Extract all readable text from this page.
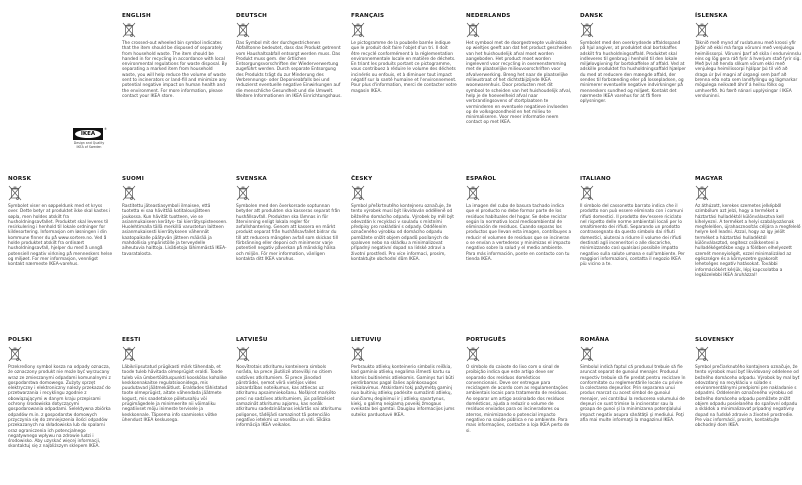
IKEA
®
Design and Quality
IKEA of Sweden
ENGLISH

The crossed-out wheeled bin symbol indicates that the item should be disposed of separately from household waste. The item should be handed in for recycling in accordance with local environmental regulations for waste disposal. By separating a marked item from household waste, you will help reduce the volume of waste sent to incinerators or land-fill and minimize any potential negative impact on human health and the environment. For more information, please contact your IKEA store.

DEUTSCH

Das Symbol mit der durchgestrichenen Abfalltonne bedeutet, dass das Produkt getrennt vom Haushaltsabfall entsorgt werden muss. Das Produkt muss gem. der örtlichen Entsorgungsvorschriften der Wiederverwertung zugeführt werden. Durch separate Entsorgung des Produkts trägt du zur Minderung des Verbrennungs- oder Deponieabfalls bei und reduzierst eventuelle negative Einwirkungen auf die menschliche Gesundheit und die Umwelt. Weitere Informationen im IKEA Einrichtungshaus.

FRANÇAIS

Le pictogramme de la poubelle barrée indique que le produit doit faire l'objet d'un tri. Il doit être recyclé conformément à la réglementation environnementale locale en matière de déchets. En triant les produits portant ce pictogramme, vous contribuez à réduire le volume des déchets incinérés ou enfouis, et à diminuer tout impact négatif sur la santé humaine et l'environnement. Pour plus d'information, merci de contacter votre magasin IKEA.

NEDERLANDS

Het symbool met de doorgestreepte vuilnisbak op wieltjes geeft aan dat het product gescheiden van het huishoudelijk afval moet worden aangeboden. Het product moet worden ingeleverd voor recycling in overeenstemming met de plaatselijke milieuvoorschriften voor afvalverwerking. Breng het naar de plaatselijke milieustraat of het dichtstbijzijnde IKEA woonwarenhuis. Door producten met dit symbool te scheiden van het huishoudelijk afval, help je de hoeveelheid afval naar verbrandingsovens of stortplaatsen te verminderen en eventuele negatieve invloeden op de volksgezondheid en het milieu te minimaliseren. Voor meer informatie neem contact op met IKEA.

DANSK

Symbolet med den overkrydsede affaldsspand på hjul angiver, at produktet skal bortskaffes adskilt fra husholdningsaffald. Produktet skal indleveres til genbrug i henhold til den lokale miljølovgivning for bortskaffelse af affald. Ved at adskille produktet fra husholdningsaffald hjælper du med at reducere den mængde affald, der sendes til forbrænding eller på lossepladsen, og minimerer eventuelle negative indvirkninger på menneskers sundhed og miljøet. Kontakt det nærmeste IKEA varehus for at få flere oplysninger.

ÍSLENSKA

Táknið með mynd af ruslatunnu með krossi yfir þýðir að ekki má farga vörunni með venjulegu heimilissorpi. Vörunni þarf að skila í endurvinnslu eins og lög gera ráð fyrir á hverjum stað fyrir sig. Með því að henda slíkum vörum ekki með venjulegu heimilissorpi hjálpar þú til við að draga úr því magni af úrgangi sem þarf að brenna eða nota sem landfyllingu og lágmarkar mögulega neikvæð áhrif á heilsu fólks og umhverfið. Þú færð nánari upplýsingar í IKEA versluninni.

NORSK

Symbolet viser en søppeldunk med et kryss over. Dette betyr at produktet ikke skal kastes i søpla, men holdes atskilt fra husholdningsavfallet. Produktet skal leveres til resirkulering i henhold til lokale ordninger for kildesortering. Informasjon om løsningen i din kommune finner du på www.sortere.no. Ved å holde produktet atskilt fra ordinært husholdningsavfall, hjelper du med å unngå potensiell negativ virkning på menneskers helse og miljøet. For mer informasjon, vennligst kontakt nærmeste IKEA-varehus.

SUOMI

Rastitettu jäteastiasymboli ilmaisee, että tuotetta ei saa hävittää kotitalousjätteen joukossa. Kun hävität tuotteen, vie se asianmukaiseen kerätys- tai kierrätyspisteeseen. Huolehtimalla tällä merkillä varustetun laitteen asianmukaisesti kierrätykseen vähennät kaatopaikalle päätyvän jätteen määrää ja mahdollisia ympäristölle ja terveydelle aiheutuvia haittoja. Lisätietoja lähimmästä IKEA-tavaratalosta.

SVENSKA

Symbolen med den överkorsade soptunnan betyder att produkten ska kasseras separat från hushållsavfall. Produkten ska lämnas in för återvinning enligt lokala regler för avfallshantering. Genom att kassera en märkt produkt separat från hushållsavfallet bidrar du till att reducera mängden avfall som skickas till förbränning eller deponi och minimerar varje potentiell negativ påverkan på mänsklig hälsa och miljön. För mer information, vänligen kontakta ditt IKEA varuhus.

ČESKY

Symbol přeškrtnutého kontejneru označuje, že tento výrobek musí být likvidován odděleně od běžného domácího odpadu. Výrobek by měl být odevzdán k recyklaci v souladu s místními předpisy pro nakládání s odpady. Oddělením označeného výrobku od domácího odpadu pomůžete snížit objem odpadů posílaných do spaloven nebo na skládku a minimalizovat případný negativní dopad na lidské zdraví a životní prostředí. Pro více informací, prosím, kontaktujte obchodní dům IKEA.

ESPAÑOL

La imagen del cubo de basura tachado indica que el producto no debe formar parte de los residuos habituales del hogar. Se debe reciclar según la normativa local medioambiental de eliminación de residuos. Cuando separas los productos que llevan esta imagen, contribuyes a reducir el volumen de residuos que se incineran o se envían a vertederos y minimizas el impacto negativo sobre la salud y el medio ambiente. Para más información, ponte en contacto con tu tienda IKEA.

ITALIANO

Il simbolo del cassonetto barrato indica che il prodotto non può essere eliminato con i comuni rifiuti domestici. Il prodotto dev'essere riciclato nel rispetto delle norme ambientali locali per lo smaltimento dei rifiuti. Separando un prodotto contrassegnato da questo simbolo dai rifiuti domestici, aiuterai a ridurre il volume dei rifiuti destinati agli inceneritori o alle discariche, minimizzando così qualsiasi possibile impatto negativo sulla salute umana e sull'ambiente. Per maggiori informazioni, contatta il negozio IKEA più vicino a te.

MAGYAR

Az áthúzott, kerekes szemetes jelképből szimbólum azt jelzi, hogy a terméket a háztartási hulladéktól különválasztva kell kihelyezni. A terméket a helyi szabályozásnak megfelelően, újrahasznosítás céljára a megfelelő helyre kell leadni. Azzal, hogy az így jelölt terméket a háztartási hulladéktól különválasztod, segítesz csökkenteni a hulladékégetőkbe vagy a földben elhelyezett szemét mennyiségét, ezzel minimalizálod az egészségre és a környezetre gyakorolt lehetséges negatív hatásokat. További információkért kérjük, lépj kapcsolatba a legközelebbi IKEA áruházzal!

POLSKI

Przekreślony symbol kosza na odpady oznacza, że oznaczony produkt nie może być wyrzucany wraz ze zmieszanymi odpadami komunalnymi z gospodarstwa domowego. Zużyty sprzęt elektryczny i elektroniczny należy przekazać do przetwarzania i recyklingu zgodnie z obowiązującymi w danym kraju przepisami ochrony środowiska dotyczącymi gospodarowania odpadami. Selektywna zbiórka odpadów m.in. z gospodarstw domowych przyczynia się do zmniejszenia ilości odpadów przekazanych na składowiska lub do spalarni oraz ograniczenia ich potencjalnego negatywnego wpływu na zdrowie ludzi i środowisko. Aby uzyskać więcej informacji, skontaktuj się z najbliższym sklepem IKEA.

EESTI

Läbikriipsutatud prügikasti märk tähendab, et toode tuleb hävitada olmeprügist eraldi. Toode tuleb viia ümbertöötluspunkti kooskõlas kohalike keskkonnakaitse regulatsioonidega, mis puudutavad jäätmekäitlust. Eraldades tähistatud toote olmeprügist, aitate vähendada jäätmete kogust, mis saadetakse põletusahju või prügimägedele ja minimeerite nii võimaliku negatiivset mõju inimeste tervisele ja keskkonnale. Täpsema info saamiseks võtke ühendust IKEA keskusega.

LATVIEŠU

Nosvītrotais atkritumu konteinera simbols norāda, ka prece jāutilizē atsevišķi no citiem sadzīves atkritumiem. Šī prece jānodod pārstrādei, ņemot vērā vietējos vides aizsardzības noteikumus, kas attiecas uz atkritumu apsaimniekošanu. Nošķirot marķēto preci no sadzīves atkritumiem, jūs palīdzēsiet samazināt atkritumu apjomu, kas nonāk atkritumu sadedzināšanas iekārtās vai atkritumu poligonos, tādējādi samazinot tā potenciālo negatīvo ietekmi uz veselību un vidi. Sīkāka informācija IKEA veikalos.

LIETUVIŲ

Perbraukto atliekų konteinerio simbolis reiškia, kad gaminio atliekų negalima išmesti kartu su kitomis buitinėmis atliekomis. Gaminys turi būti perdirbamas pagal šalies aplinkosaugos reikalavimus. Atskirdami tokį pažymėtą gaminį nuo buitinių atliekų padėsite sumažinti atliekų, siunčiamų deginimui ir į atliekų sąvartynus, kiekį, o galimą neigiamą poveikį žmogaus sveikatai bei gamtai. Daugiau informacijos jums suteiks parduotuvė IKEA.

PORTUGUÊS

O símbolo do caixote do lixo com o sinal de proibição indica que este artigo deve ser separado dos resíduos domésticos convencionais. Deve ser entregue para reciclagem de acordo com as regulamentações ambientais locais para tratamento de resíduos. Ao separar um artigo assinalado dos resíduos domésticos, ajuda a reduzir o volume de resíduos enviados para os incineradores ou aterros, minimizando o potencial impacto negativo na saúde pública e no ambiente. Para mais informações, contacte a loja IKEA perto de si.

ROMÂNA

Simbolul indică faptul că produsul trebuie să fie aruncat separat de gunoiul menajer. Produsul respectiv trebuie să fie predat pentru reciclare în conformitate cu reglementările locale cu privire la colectarea deşeurilor. Prin separarea unui produs marcat cu acest simbol de gunoiul menajer, vei contribui la reducerea volumului de deşeuri ce sunt trimise la incinerator sau la groapa de gunoi şi la minimizarea potenţialului impact negativ asupra sănătăţii şi mediului. Poţi afla mai multe informaţii la magazinul IKEA.

SLOVENSKY

Symbol prečiarknutého kontajnera označuje, že tento výrobok musí byť likvidovaný oddelene od bežného domáceho odpadu. Výrobok by mal byť odovzdaný na recykláciu v súlade s environmentálnymi predpismi pre nakladanie s odpadmi. Oddelením označeného výrobku od bežného domáceho odpadu pomôžete znížiť objem odpadu posielaného do spaľovní odpadu a skládok a minimalizovať prípadný negatívny dopad na ľudské zdravie a životné prostredie. Pre viac informácií, prosím, kontaktujte obchodný dom IKEA.
